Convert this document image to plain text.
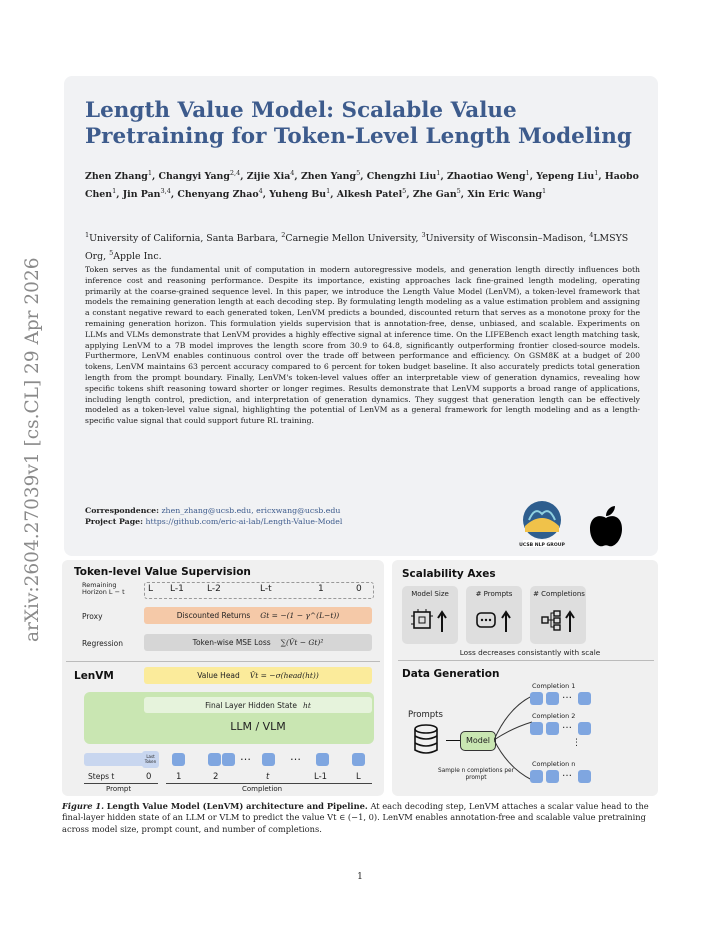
arXiv:2604.27039v1 [cs.CL] 29 Apr 2026
Length Value Model: Scalable Value
Pretraining for Token-Level Length Modeling
Zhen Zhang$^1$, Changyi Yang$^{2,4}$, Zijie Xia$^4$, Zhen Yang$^5$, Chengzhi Liu$^1$, Zhaotiao Weng$^1$, Yepeng Liu$^1$, Haobo Chen$^1$, Jin Pan$^{3,4}$, Chenyang Zhao$^4$, Yuheng Bu$^1$, Alkesh Patel$^5$, Zhe Gan$^5$, Xin Eric Wang$^1$
$^1$University of California, Santa Barbara, $^2$Carnegie Mellon University, $^3$University of Wisconsin–Madison, $^4$LMSYS Org, $^5$Apple Inc.
Token serves as the fundamental unit of computation in modern autoregressive models, and generation length directly influences both inference cost and reasoning performance. Despite its importance, existing approaches lack fine-grained length modeling, operating primarily at the coarse-grained sequence level. In this paper, we introduce the Length Value Model (LenVM), a token-level framework that models the remaining generation length at each decoding step. By formulating length modeling as a value estimation problem and assigning a constant negative reward to each generated token, LenVM predicts a bounded, discounted return that serves as a monotone proxy for the remaining generation horizon. This formulation yields supervision that is annotation-free, dense, unbiased, and scalable. Experiments on LLMs and VLMs demonstrate that LenVM provides a highly effective signal at inference time. On the LIFEBench exact length matching task, applying LenVM to a 7B model improves the length score from 30.9 to 64.8, significantly outperforming frontier closed-source models. Furthermore, LenVM enables continuous control over the trade off between performance and efficiency. On GSM8K at a budget of 200 tokens, LenVM maintains 63 percent accuracy compared to 6 percent for token budget baseline. It also accurately predicts total generation length from the prompt boundary. Finally, LenVM's token-level values offer an interpretable view of generation dynamics, revealing how specific tokens shift reasoning toward shorter or longer regimes. Results demonstrate that LenVM supports a broad range of applications, including length control, prediction, and interpretation of generation dynamics. They suggest that generation length can be effectively modeled as a token-level value signal, highlighting the potential of LenVM as a general framework for length modeling and as a length-specific value signal that could support future RL training.
Correspondence: zhen_zhang@ucsb.edu, ericxwang@ucsb.edu
Project Page: https://github.com/eric-ai-lab/Length-Value-Model
UCSB NLP GROUP
Token-level Value Supervision
Remaining
Horizon L − t	L L-1	L-2	L-t	1	0
Proxy	Discounted Returns Gt = −(1 − γ^(L−t))
Regression	Token-wise MSE Loss ∑(V̂t − Gt)²
LenVM	Value Head V̂t = −σ(head(ht))
Final Layer Hidden State ht
LLM / VLM
Last Token	…	…
Steps t	0	1	2	t	L-1	L
Prompt	Completion
Scalability Axes
Model Size	# Prompts	# Completions
Loss decreases consistantly with scale
Data Generation
Prompts
Model
Sample n completions per prompt
Completion 1
…
Completion 2
…
⋮
Completion n
…
Figure 1. Length Value Model (LenVM) architecture and Pipeline. At each decoding step, LenVM attaches a scalar value head to the final-layer hidden state of an LLM or VLM to predict the value Vt ∈ (−1, 0). LenVM enables annotation-free and scalable value pretraining across model size, prompt count, and number of completions.
1
